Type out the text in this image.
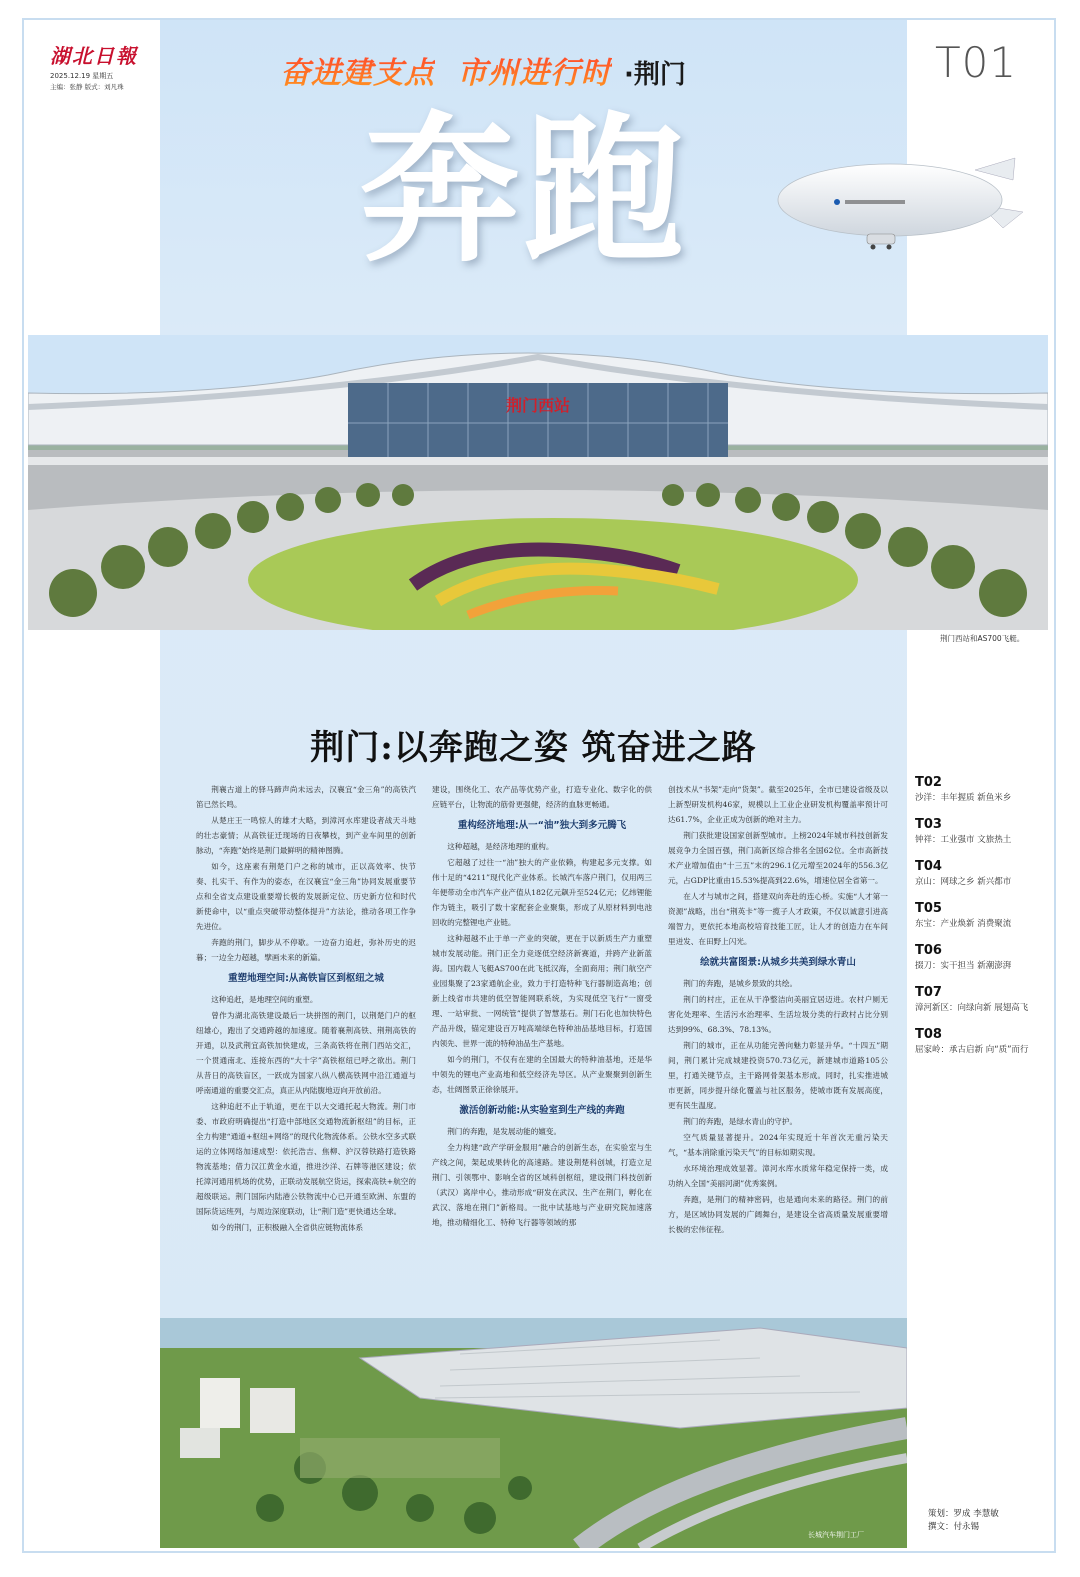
湖北日報
2025.12.19 星期五
主编：张静 版式：刘凡珠	T01
奋进建支点 市州进行时 ·荆门
奔跑
荆门西站
荆门西站和AS700飞艇。
荆门:以奔跑之姿 筑奋进之路

荆襄古道上的驿马蹄声尚未远去，汉襄宜“金三角”的高铁汽笛已然长鸣。

从楚庄王一鸣惊人的雄才大略，到漳河水库建设者战天斗地的壮志豪情；从高铁征迁现场的日夜攀枝，到产业车间里的创新脉动，“奔跑”始终是荆门最鲜明的精神图腾。

如今，这座素有荆楚门户之称的城市，正以高效率、快节奏、扎实干、有作为的姿态，在汉襄宜“金三角”协同发展重要节点和全省支点建设重要增长极的发展新定位、历史新方位和时代新使命中，以“重点突破带动整体提升”方法论，推动各项工作争先进位。

奔跑的荆门，脚步从不停歇。一边奋力追赶，弥补历史的迟暮；一边全力超越，擘画未来的新篇。

重塑地理空间:从高铁盲区到枢纽之城

这种追赶，是地理空间的重塑。

曾作为湖北高铁建设最后一块拼图的荆门，以荆楚门户的枢纽雄心，跑出了交通跨越的加速度。随着襄荆高铁、荆荆高铁的开通，以及武荆宜高铁加快建成，三条高铁将在荆门西站交汇，一个贯通南北、连接东西的“大十字”高铁枢纽已呼之欲出。荆门从昔日的高铁盲区，一跃成为国家八纵八横高铁网中沿江通道与呼南通道的重要交汇点，真正从内陆腹地迈向开放前沿。

这种追赶不止于轨道，更在于以大交通托起大物流。荆门市委、市政府明确提出“打造中部地区交通物流新枢纽”的目标，正全力构建“通道+枢纽+网络”的现代化物流体系。公铁水空多式联运的立体网络加速成型：依托浩吉、焦柳、沪汉蓉铁路打造铁路物流基地；借力汉江黄金水道，推进沙洋、石牌等港区建设；依托漳河通用机场的优势，正联动发展航空货运，探索高铁+航空的超级联运。荆门国际内陆港公铁物流中心已开通至欧洲、东盟的国际货运班列，与周边深度联动，让“荆门造”更快通达全球。

如今的荆门，正积极融入全省供应链物流体系

建设，围绕化工、农产品等优势产业，打造专业化、数字化的供应链平台，让物流的筋骨更强健，经济的血脉更畅通。

重构经济地理:从一“油”独大到多元腾飞

这种超越，是经济地理的重构。

它超越了过往一“油”独大的产业依赖，构建起多元支撑。如伟十足的“4211”现代化产业体系。长城汽车落户荆门，仅用两三年便带动全市汽车产业产值从182亿元飙升至524亿元；亿纬锂能作为链主，吸引了数十家配套企业聚集，形成了从原材料到电池回收的完整锂电产业链。

这种超越不止于单一产业的突破，更在于以新质生产力重塑城市发展动能。荆门正全力竞逐低空经济新赛道，并跨产业新蓝海。国内载人飞艇AS700在此飞抵汉海，全面商用；荆门航空产业园集聚了23家通航企业，致力于打造特种飞行器制造高地；创新上线省市共建的低空智能网联系统，为实现低空飞行“一窗受理、一站审批、一网统管”提供了智慧基石。荆门石化也加快特色产品升级，锚定建设百万吨高端绿色特种油品基地目标，打造国内领先、世界一流的特种油品生产基地。

如今的荆门，不仅有在建的全国最大的特种油基地，还是华中领先的锂电产业高地和低空经济先导区。从产业聚聚到创新生态，壮阔图景正徐徐展开。

激活创新动能:从实验室到生产线的奔跑

荆门的奔跑，是发展动能的嬗变。

全力构建“政产学研金服用”融合的创新生态，在实验室与生产线之间，架起成果转化的高速路。建设荆楚科创城，打造立足荆门、引领鄂中、影响全省的区域科创枢纽，建设荆门科技创新（武汉）离岸中心，推动形成“研发在武汉、生产在荆门，孵化在武汉、落地在荆门”新格局。一批中试基地与产业研究院加速落地，推动精细化工、特种飞行器等领域的那

创技术从“书架”走向“货架”。截至2025年，全市已建设省级及以上新型研发机构46家，规模以上工业企业研发机构覆盖率预计可达61.7%，企业正成为创新的绝对主力。

荆门获批建设国家创新型城市。上榜2024年城市科技创新发展竞争力全国百强，荆门高新区综合排名全国62位。全市高新技术产业增加值由“十三五”末的296.1亿元增至2024年的556.3亿元，占GDP比重由15.53%提高到22.6%，增速位居全省第一。

在人才与城市之间，搭建双向奔赴的连心桥。实施“人才第一资源”战略，出台“荆英卡”等一揽子人才政策，不仅以诚意引进高端智力，更依托本地高校培育技能工匠，让人才的创造力在车间里迸发、在田野上闪光。

绘就共富图景:从城乡共美到绿水青山

荆门的奔跑，是城乡景致的共绘。

荆门的村庄，正在从干净整洁向美丽宜居迈进。农村户厕无害化处理率、生活污水治理率、生活垃圾分类的行政村占比分别达到99%、68.3%、78.13%。

荆门的城市，正在从功能完善向魅力彰显升华。“十四五”期间，荆门累计完成城建投资570.73亿元，新建城市道路105公里，打通关键节点，主干路网骨架基本形成。同时，扎实推进城市更新，同步提升绿化覆盖与社区服务，使城市既有发展高度，更有民生温度。

荆门的奔跑，是绿水青山的守护。

空气质量显著提升。2024年实现近十年首次无重污染天气，“基本消除重污染天气”的目标如期实现。

水环境治理成效显著。漳河水库水质常年稳定保持一类，成功纳入全国“美丽河湖”优秀案例。

奔跑，是荆门的精神密码，也是通向未来的路径。荆门的前方，是区域协同发展的广阔舞台，是建设全省高质量发展重要增长极的宏伟征程。

T02
沙洋：丰年握质 新鱼米乡
T03
钟祥：工业强市 文旅热土
T04
京山：网球之乡 新兴都市
T05
东宝：产业焕新 消费聚流
T06
掇刀：实干担当 新潮澎湃
T07
漳河新区：向绿向新 展翅高飞
T08
屈家岭：承古启新 向“质”而行
长城汽车荆门工厂
策划：罗成 李慧敏
撰文：付永锡
